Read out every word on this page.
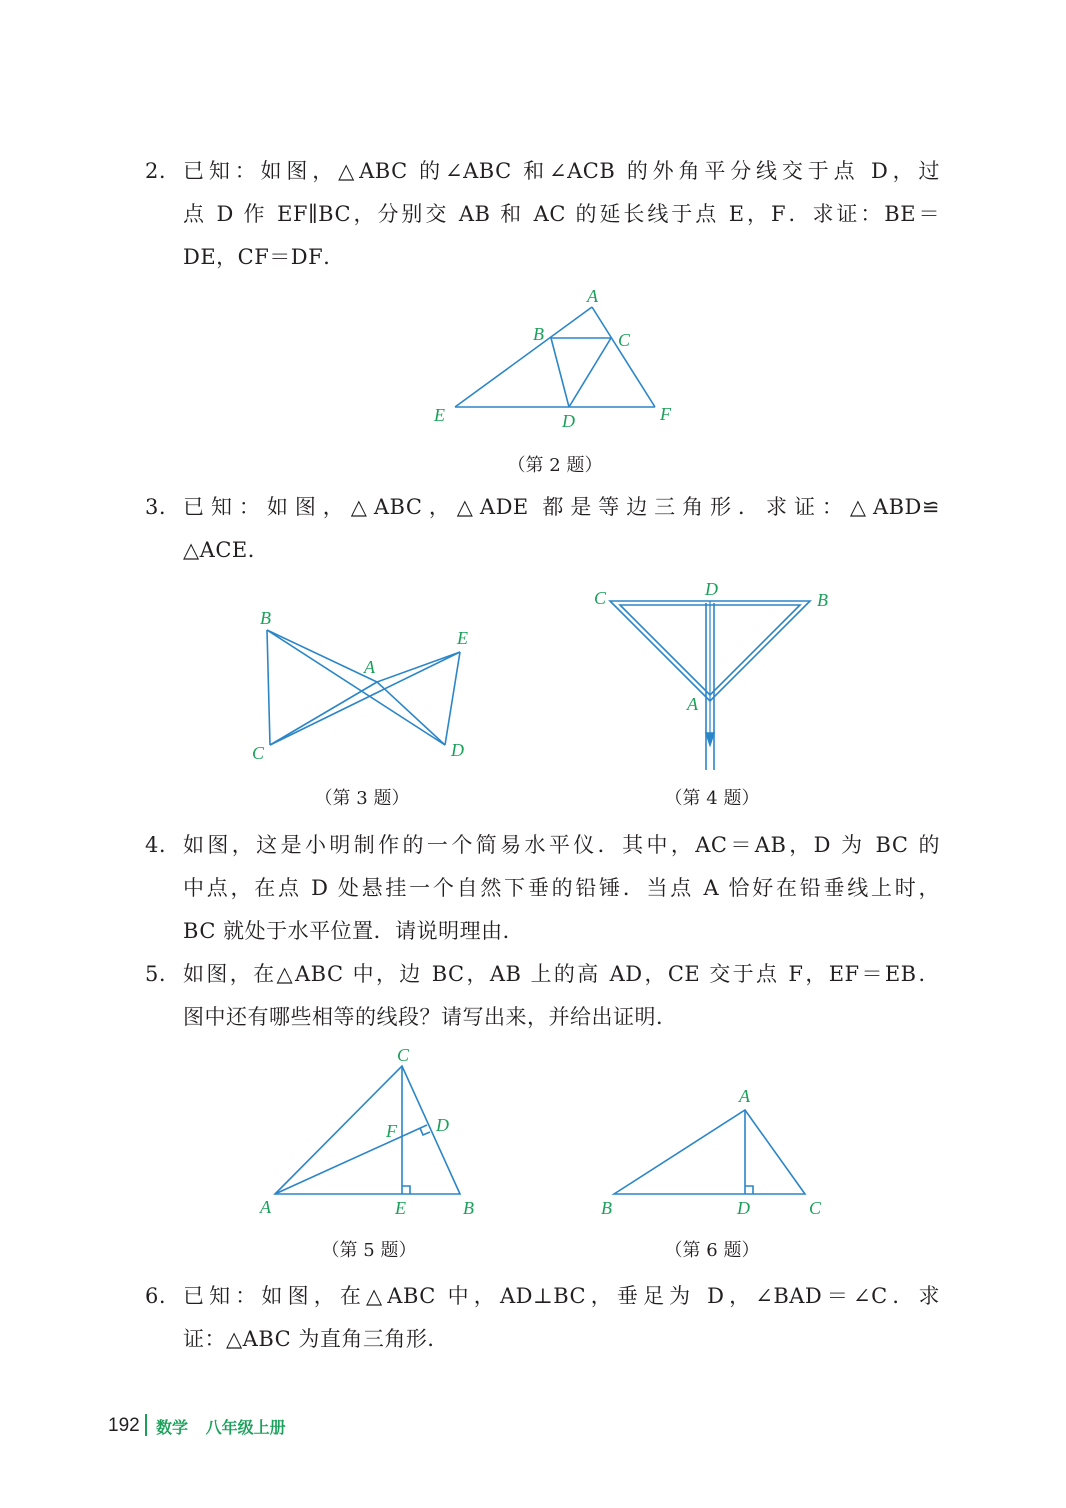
2. 已知：如图，△ABC 的∠ABC 和∠ACB 的外角平分线交于点 D，过
点 D 作 EF∥BC，分别交 AB 和 AC 的延长线于点 E，F．求证：BE＝
DE，CF＝DF．
A
B	C
D
E	F
（第 2 题）
3. 已知：如图，△ABC，△ADE 都是等边三角形．求证：△ABD≌
△ACE．
B
E
A
C	D
（第 3 题）
C	D
B
A
（第 4 题）
4. 如图，这是小明制作的一个简易水平仪．其中，AC＝AB，D 为 BC 的
中点，在点 D 处悬挂一个自然下垂的铅锤．当点 A 恰好在铅垂线上时，
BC 就处于水平位置．请说明理由．
5. 如图，在△ABC 中，边 BC，AB 上的高 AD，CE 交于点 F，EF＝EB．
图中还有哪些相等的线段？请写出来，并给出证明．
C
D
F
A	E	B
（第 5 题）
A
B	D	C
（第 6 题）
6. 已知：如图，在△ABC 中，AD⊥BC，垂足为 D，∠BAD＝∠C．求
证：△ABC 为直角三角形．
192 数学 八年级上册
